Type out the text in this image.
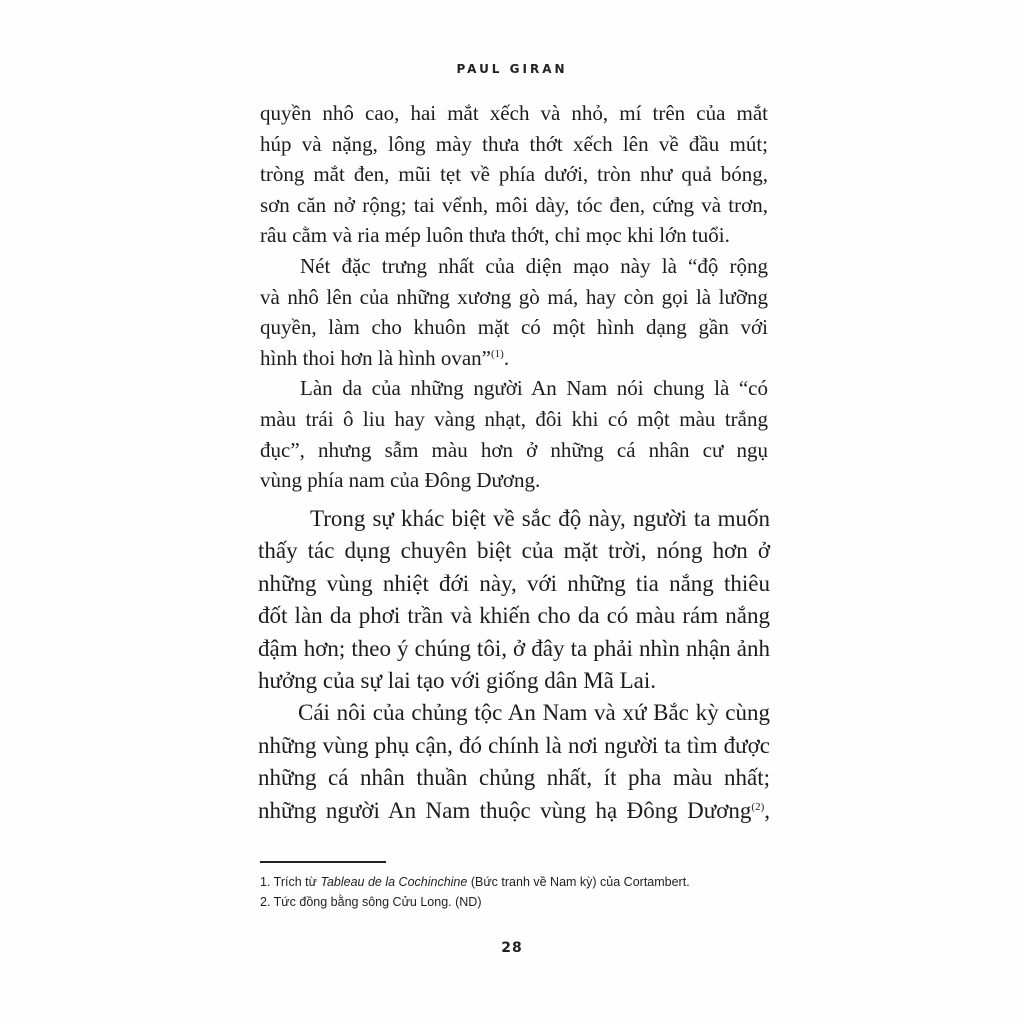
PAUL GIRAN

quyền nhô cao, hai mắt xếch và nhỏ, mí trên của mắt
húp và nặng, lông mày thưa thớt xếch lên về đầu mút;
tròng mắt đen, mũi tẹt về phía dưới, tròn như quả bóng,
sơn căn nở rộng; tai vểnh, môi dày, tóc đen, cứng và trơn,
râu cằm và ria mép luôn thưa thớt, chỉ mọc khi lớn tuổi.

Nét đặc trưng nhất của diện mạo này là “độ rộng
và nhô lên của những xương gò má, hay còn gọi là lưỡng
quyền, làm cho khuôn mặt có một hình dạng gần với
hình thoi hơn là hình ovan”$^{(1)}$.

Làn da của những người An Nam nói chung là “có
màu trái ô liu hay vàng nhạt, đôi khi có một màu trắng
đục”, nhưng sẫm màu hơn ở những cá nhân cư ngụ
vùng phía nam của Đông Dương.

Trong sự khác biệt về sắc độ này, người ta muốn
thấy tác dụng chuyên biệt của mặt trời, nóng hơn ở
những vùng nhiệt đới này, với những tia nắng thiêu
đốt làn da phơi trần và khiến cho da có màu rám nắng
đậm hơn; theo ý chúng tôi, ở đây ta phải nhìn nhận ảnh
hưởng của sự lai tạo với giống dân Mã Lai.

Cái nôi của chủng tộc An Nam và xứ Bắc kỳ cùng
những vùng phụ cận, đó chính là nơi người ta tìm được
những cá nhân thuần chủng nhất, ít pha màu nhất;
những người An Nam thuộc vùng hạ Đông Dương$^{(2)}$,

1. Trích từ Tableau de la Cochinchine (Bức tranh về Nam kỳ) của Cortambert.
2. Tức đồng bằng sông Cửu Long. (ND)
28
